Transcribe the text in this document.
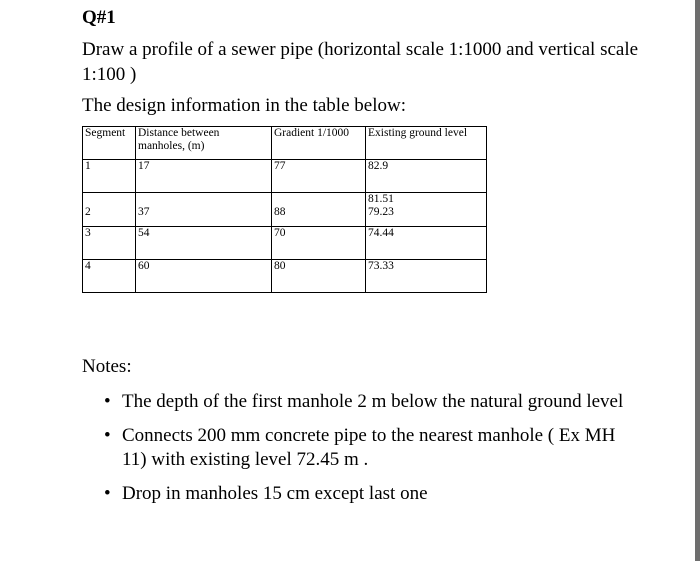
Q#1
Draw a profile of a sewer pipe (horizontal scale 1:1000 and vertical scale 1:100 )
The design information in the table below:
Segment	Distance between manholes, (m)	Gradient 1/1000	Existing ground level
1	17	77	82.9

2	37	88	81.51
79.23

3	54	70	74.44
4	60	80	73.33
Notes:
• The depth of the first manhole 2 m below the natural ground level
• Connects 200 mm concrete pipe to the nearest manhole ( Ex MH 11) with existing level 72.45 m .
• Drop in manholes 15 cm except last one
